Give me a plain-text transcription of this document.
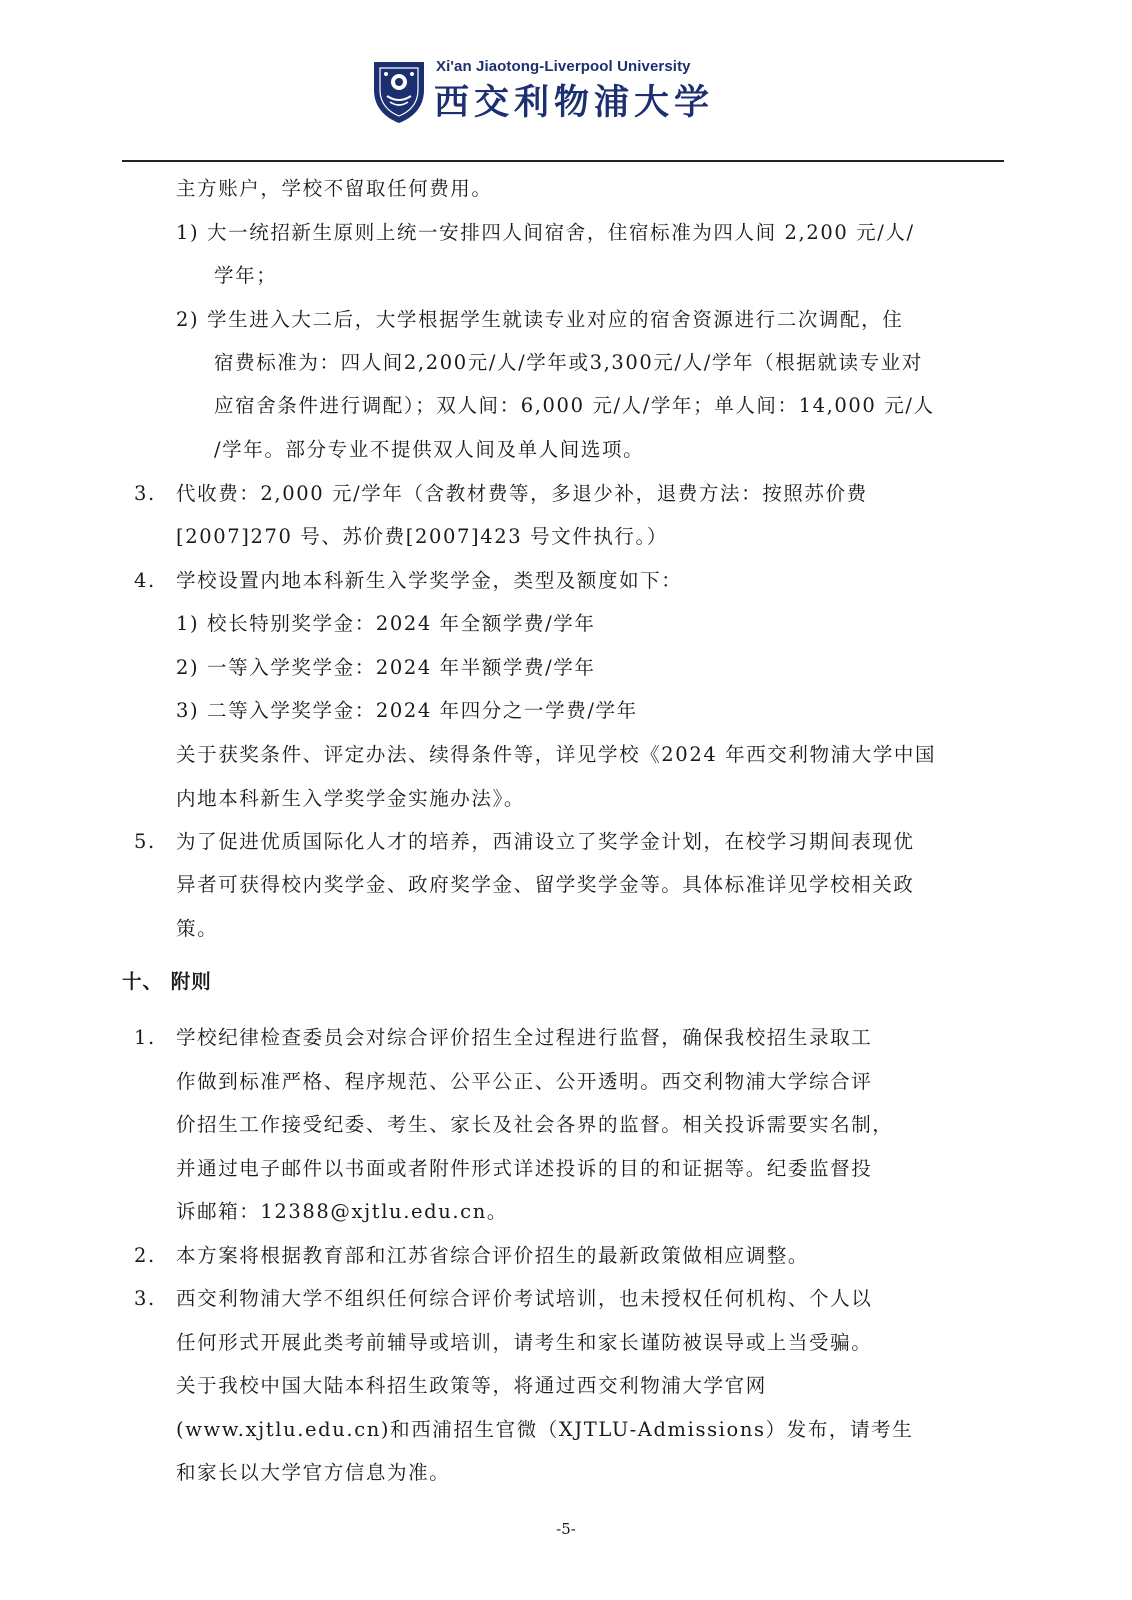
Xi'an Jiaotong-Liverpool University
西交利物浦大学
主方账户，学校不留取任何费用。
1) 大一统招新生原则上统一安排四人间宿舍，住宿标准为四人间 2,200 元/人/
学年；
2) 学生进入大二后，大学根据学生就读专业对应的宿舍资源进行二次调配，住
宿费标准为：四人间2,200元/人/学年或3,300元/人/学年（根据就读专业对
应宿舍条件进行调配）；双人间：6,000 元/人/学年；单人间：14,000 元/人
/学年。部分专业不提供双人间及单人间选项。
3. 代收费：2,000 元/学年（含教材费等，多退少补，退费方法：按照苏价费
[2007]270 号、苏价费[2007]423 号文件执行。）
4. 学校设置内地本科新生入学奖学金，类型及额度如下：
1) 校长特别奖学金：2024 年全额学费/学年
2) 一等入学奖学金：2024 年半额学费/学年
3) 二等入学奖学金：2024 年四分之一学费/学年
关于获奖条件、评定办法、续得条件等，详见学校《2024 年西交利物浦大学中国
内地本科新生入学奖学金实施办法》。
5. 为了促进优质国际化人才的培养，西浦设立了奖学金计划，在校学习期间表现优
异者可获得校内奖学金、政府奖学金、留学奖学金等。具体标准详见学校相关政
策。
十、 附则
1. 学校纪律检查委员会对综合评价招生全过程进行监督，确保我校招生录取工
作做到标准严格、程序规范、公平公正、公开透明。西交利物浦大学综合评
价招生工作接受纪委、考生、家长及社会各界的监督。相关投诉需要实名制，
并通过电子邮件以书面或者附件形式详述投诉的目的和证据等。纪委监督投
诉邮箱：12388@xjtlu.edu.cn。
2. 本方案将根据教育部和江苏省综合评价招生的最新政策做相应调整。
3. 西交利物浦大学不组织任何综合评价考试培训，也未授权任何机构、个人以
任何形式开展此类考前辅导或培训，请考生和家长谨防被误导或上当受骗。
关于我校中国大陆本科招生政策等，将通过西交利物浦大学官网
(www.xjtlu.edu.cn)和西浦招生官微（XJTLU-Admissions）发布，请考生
和家长以大学官方信息为准。
-5-
